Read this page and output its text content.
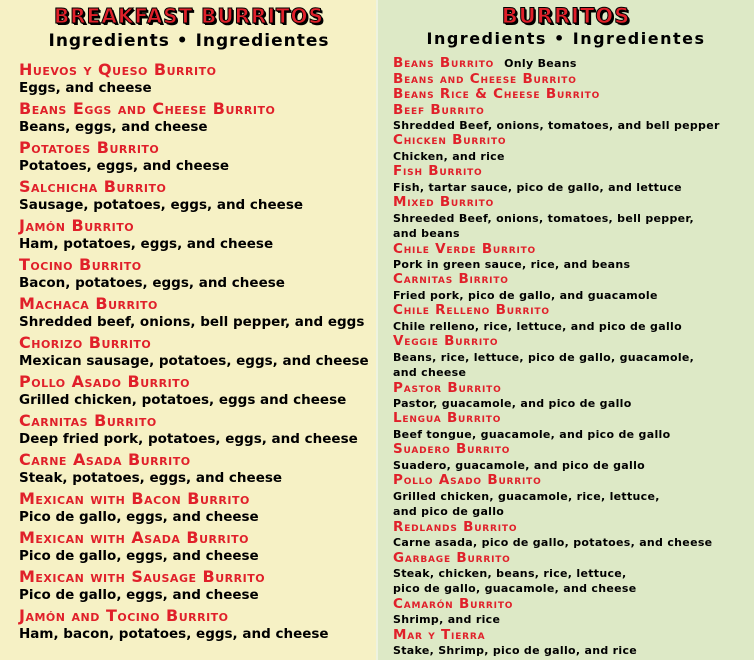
BREAKFAST BURRITOS
Ingredients • Ingredientes
Huevos y Queso Burrito
Eggs, and cheese
Beans Eggs and Cheese Burrito
Beans, eggs, and cheese
Potatoes Burrito
Potatoes, eggs, and cheese
Salchicha Burrito
Sausage, potatoes, eggs, and cheese
Jamón Burrito
Ham, potatoes, eggs, and cheese
Tocino Burrito
Bacon, potatoes, eggs, and cheese
Machaca Burrito
Shredded beef, onions, bell pepper, and eggs
Chorizo Burrito
Mexican sausage, potatoes, eggs, and cheese
Pollo Asado Burrito
Grilled chicken, potatoes, eggs and cheese
Carnitas Burrito
Deep fried pork, potatoes, eggs, and cheese
Carne Asada Burrito
Steak, potatoes, eggs, and cheese
Mexican with Bacon Burrito
Pico de gallo, eggs, and cheese
Mexican with Asada Burrito
Pico de gallo, eggs, and cheese
Mexican with Sausage Burrito
Pico de gallo, eggs, and cheese
Jamón and Tocino Burrito
Ham, bacon, potatoes, eggs, and cheese
BURRITOS
Ingredients • Ingredientes
Beans Burrito Only Beans
Beans and Cheese Burrito
Beans Rice & Cheese Burrito
Beef Burrito
Shredded Beef, onions, tomatoes, and bell pepper
Chicken Burrito
Chicken, and rice
Fish Burrito
Fish, tartar sauce, pico de gallo, and lettuce
Mixed Burrito
Shreeded Beef, onions, tomatoes, bell pepper,
and beans
Chile Verde Burrito
Pork in green sauce, rice, and beans
Carnitas Birrito
Fried pork, pico de gallo, and guacamole
Chile Relleno Burrito
Chile relleno, rice, lettuce, and pico de gallo
Veggie Burrito
Beans, rice, lettuce, pico de gallo, guacamole,
and cheese
Pastor Burrito
Pastor, guacamole, and pico de gallo
Lengua Burrito
Beef tongue, guacamole, and pico de gallo
Suadero Burrito
Suadero, guacamole, and pico de gallo
Pollo Asado Burrito
Grilled chicken, guacamole, rice, lettuce,
and pico de gallo
Redlands Burrito
Carne asada, pico de gallo, potatoes, and cheese
Garbage Burrito
Steak, chicken, beans, rice, lettuce,
pico de gallo, guacamole, and cheese
Camarón Burrito
Shrimp, and rice
Mar y Tierra
Stake, Shrimp, pico de gallo, and rice
